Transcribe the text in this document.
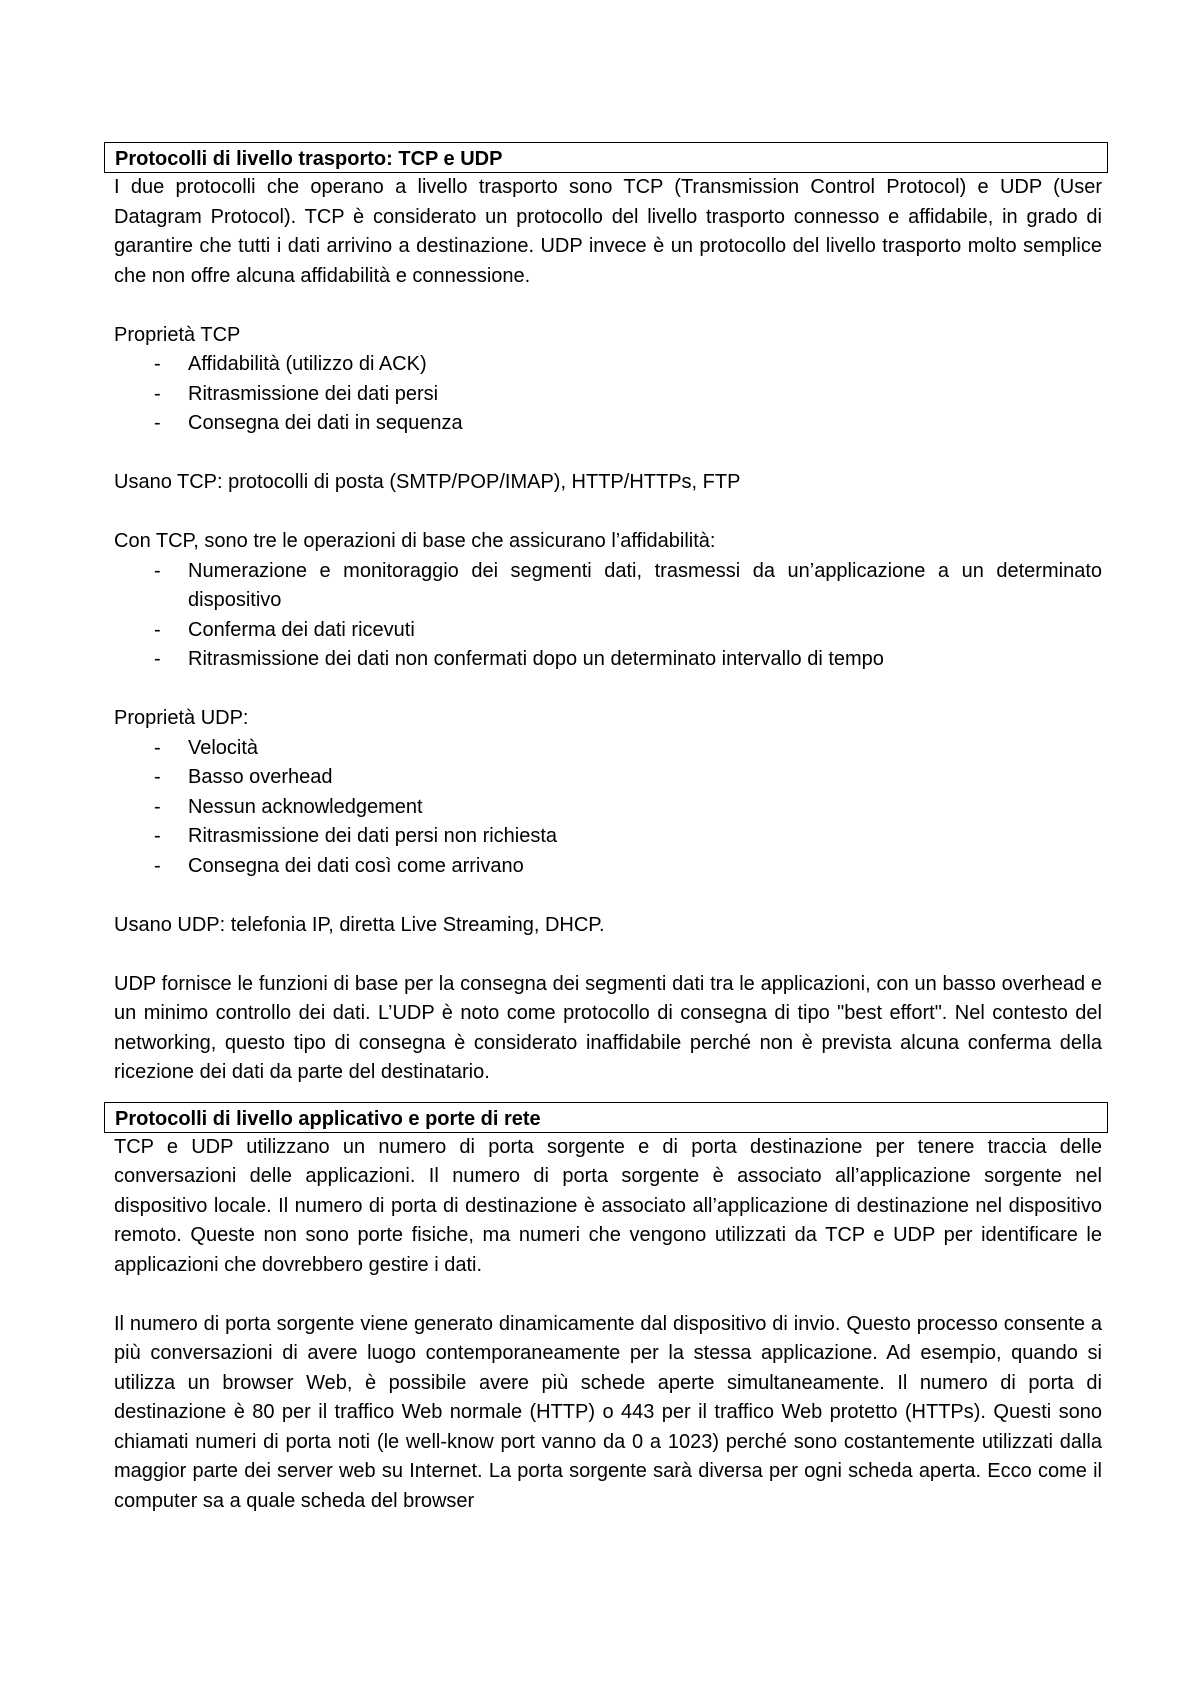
Protocolli di livello trasporto: TCP e UDP

I due protocolli che operano a livello trasporto sono TCP (Transmission Control Protocol) e UDP (User Datagram Protocol). TCP è considerato un protocollo del livello trasporto connesso e affidabile, in grado di garantire che tutti i dati arrivino a destinazione. UDP invece è un protocollo del livello trasporto molto semplice che non offre alcuna affidabilità e connessione.

Proprietà TCP

- Affidabilità (utilizzo di ACK)
- Ritrasmissione dei dati persi
- Consegna dei dati in sequenza

Usano TCP: protocolli di posta (SMTP/POP/IMAP), HTTP/HTTPs, FTP

Con TCP, sono tre le operazioni di base che assicurano l’affidabilità:

- Numerazione e monitoraggio dei segmenti dati, trasmessi da un’applicazione a un determinato dispositivo
- Conferma dei dati ricevuti
- Ritrasmissione dei dati non confermati dopo un determinato intervallo di tempo

Proprietà UDP:

- Velocità
- Basso overhead
- Nessun acknowledgement
- Ritrasmissione dei dati persi non richiesta
- Consegna dei dati così come arrivano

Usano UDP: telefonia IP, diretta Live Streaming, DHCP.

UDP fornisce le funzioni di base per la consegna dei segmenti dati tra le applicazioni, con un basso overhead e un minimo controllo dei dati. L’UDP è noto come protocollo di consegna di tipo "best effort". Nel contesto del networking, questo tipo di consegna è considerato inaffidabile perché non è prevista alcuna conferma della ricezione dei dati da parte del destinatario.

Protocolli di livello applicativo e porte di rete

TCP e UDP utilizzano un numero di porta sorgente e di porta destinazione per tenere traccia delle conversazioni delle applicazioni. Il numero di porta sorgente è associato all’applicazione sorgente nel dispositivo locale. Il numero di porta di destinazione è associato all’applicazione di destinazione nel dispositivo remoto. Queste non sono porte fisiche, ma numeri che vengono utilizzati da TCP e UDP per identificare le applicazioni che dovrebbero gestire i dati.

Il numero di porta sorgente viene generato dinamicamente dal dispositivo di invio. Questo processo consente a più conversazioni di avere luogo contemporaneamente per la stessa applicazione. Ad esempio, quando si utilizza un browser Web, è possibile avere più schede aperte simultaneamente. Il numero di porta di destinazione è 80 per il traffico Web normale (HTTP) o 443 per il traffico Web protetto (HTTPs). Questi sono chiamati numeri di porta noti (le well-know port vanno da 0 a 1023) perché sono costantemente utilizzati dalla maggior parte dei server web su Internet. La porta sorgente sarà diversa per ogni scheda aperta. Ecco come il computer sa a quale scheda del browser
